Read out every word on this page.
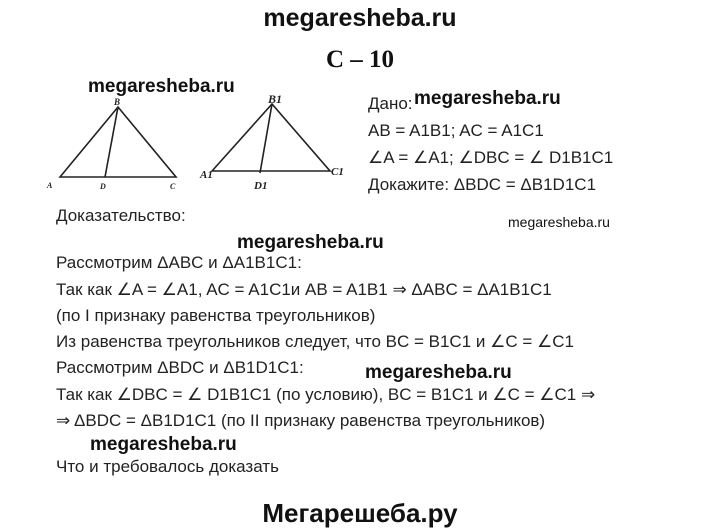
megaresheba.ru
С – 10
megaresheba.ru
B
A	D	C
B1
A1
D1
C1
Дано: megaresheba.ru
AB = A1B1; AC = A1C1
∠A = ∠A1; ∠DBC = ∠ D1B1C1
Докажите: ΔBDC = ΔB1D1C1
megaresheba.ru
Доказательство:
megaresheba.ru
Рассмотрим ΔABC и ΔA1B1C1:
Так как ∠A = ∠A1, AC = A1C1и AB = A1B1 ⇒ ΔABC = ΔA1B1C1
(по I признаку равенства треугольников)
Из равенства треугольников следует, что BC = B1C1 и ∠C = ∠C1
Рассмотрим ΔBDC и ΔB1D1C1:	megaresheba.ru
Так как ∠DBC = ∠ D1B1C1 (по условию), BC = B1C1 и ∠C = ∠C1 ⇒
⇒ ΔBDC = ΔB1D1C1 (по II признаку равенства треугольников)
megaresheba.ru
Что и требовалось доказать
Мегарешеба.ру
